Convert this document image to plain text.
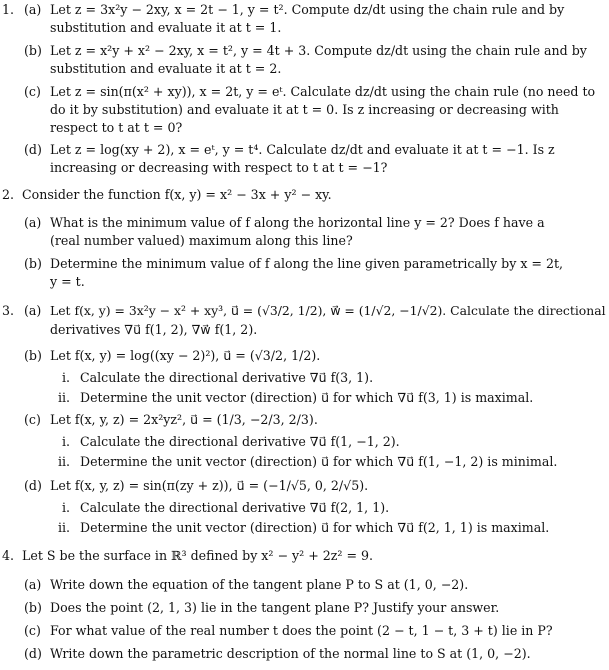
1. (a) Let z = 3x²y − 2xy, x = 2t − 1, y = t². Compute dz/dt using the chain rule and by
substitution and evaluate it at t = 1.
(b) Let z = x²y + x² − 2xy, x = t², y = 4t + 3. Compute dz/dt using the chain rule and by
substitution and evaluate it at t = 2.
(c) Let z = sin(π(x² + xy)), x = 2t, y = eᵗ. Calculate dz/dt using the chain rule (no need to
do it by substitution) and evaluate it at t = 0. Is z increasing or decreasing with
respect to t at t = 0?
(d) Let z = log(xy + 2), x = eᵗ, y = t⁴. Calculate dz/dt and evaluate it at t = −1. Is z
increasing or decreasing with respect to t at t = −1?
2. Consider the function f(x, y) = x² − 3x + y² − xy.
(a) What is the minimum value of f along the horizontal line y = 2? Does f have a
(real number valued) maximum along this line?
(b) Determine the minimum value of f along the line given parametrically by x = 2t,
y = t.
3. (a) Let f(x, y) = 3x²y − x² + xy³, u⃗ = (√3/2, 1/2), w⃗ = (1/√2, −1/√2). Calculate the directional
derivatives ∇u⃗ f(1, 2), ∇w⃗ f(1, 2).
(b) Let f(x, y) = log((xy − 2)²), u⃗ = (√3/2, 1/2).
i. Calculate the directional derivative ∇u⃗ f(3, 1).
ii. Determine the unit vector (direction) u⃗ for which ∇u⃗ f(3, 1) is maximal.
(c) Let f(x, y, z) = 2x²yz², u⃗ = (1/3, −2/3, 2/3).
i. Calculate the directional derivative ∇u⃗ f(1, −1, 2).
ii. Determine the unit vector (direction) u⃗ for which ∇u⃗ f(1, −1, 2) is minimal.
(d) Let f(x, y, z) = sin(π(zy + z)), u⃗ = (−1/√5, 0, 2/√5).
i. Calculate the directional derivative ∇u⃗ f(2, 1, 1).
ii. Determine the unit vector (direction) u⃗ for which ∇u⃗ f(2, 1, 1) is maximal.
4. Let S be the surface in ℝ³ defined by x² − y² + 2z² = 9.
(a) Write down the equation of the tangent plane P to S at (1, 0, −2).
(b) Does the point (2, 1, 3) lie in the tangent plane P? Justify your answer.
(c) For what value of the real number t does the point (2 − t, 1 − t, 3 + t) lie in P?
(d) Write down the parametric description of the normal line to S at (1, 0, −2).
